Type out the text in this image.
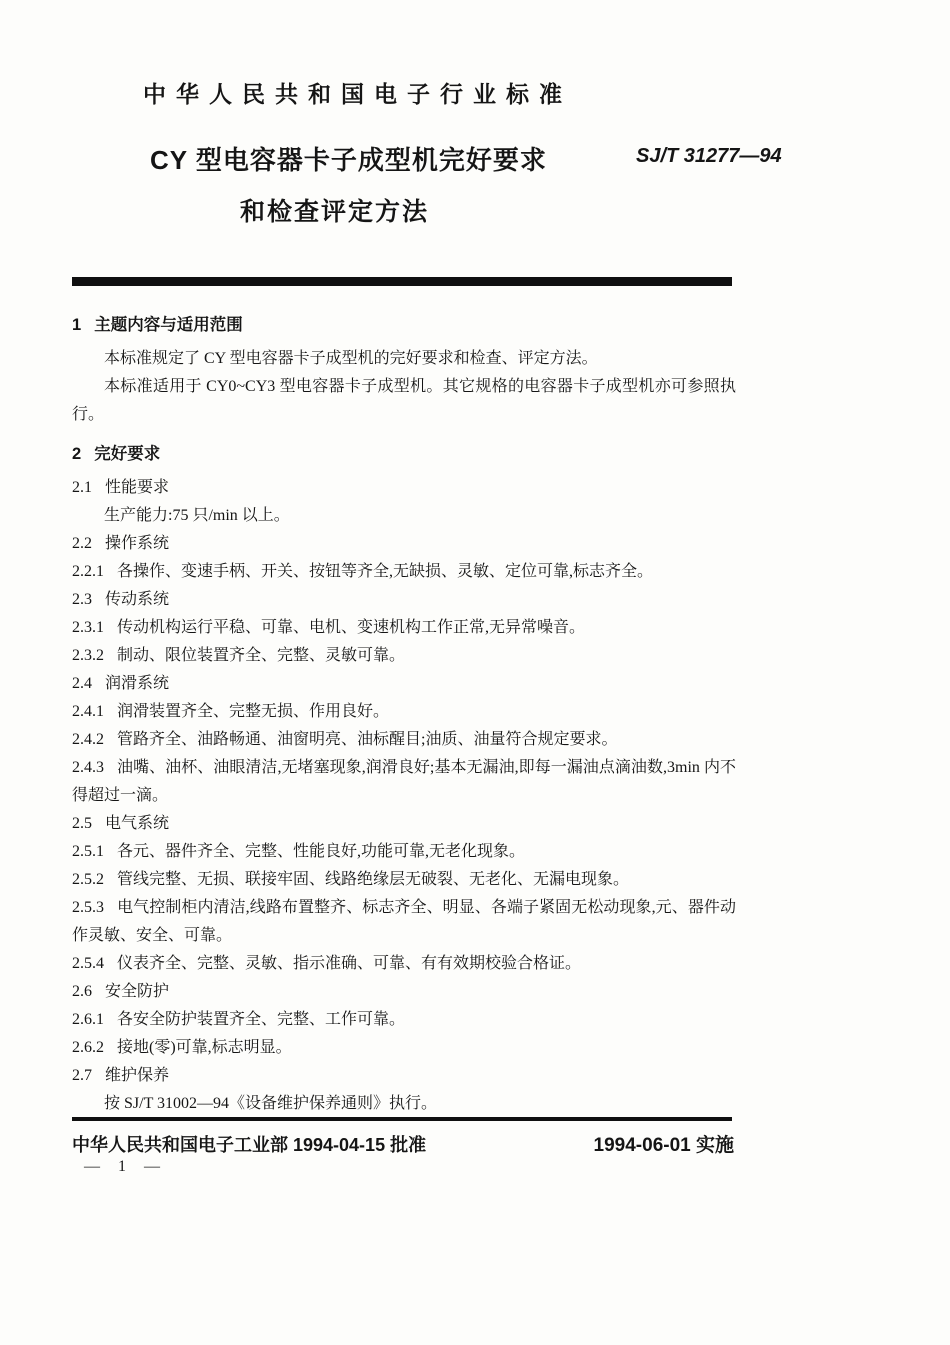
中华人民共和国电子行业标准
CY 型电容器卡子成型机完好要求
和检查评定方法
SJ/T 31277—94
1 主题内容与适用范围
本标准规定了 CY 型电容器卡子成型机的完好要求和检查、评定方法。
本标准适用于 CY0~CY3 型电容器卡子成型机。其它规格的电容器卡子成型机亦可参照执行。
2 完好要求
2.1 性能要求
生产能力:75 只/min 以上。
2.2 操作系统
2.2.1 各操作、变速手柄、开关、按钮等齐全,无缺损、灵敏、定位可靠,标志齐全。
2.3 传动系统
2.3.1 传动机构运行平稳、可靠、电机、变速机构工作正常,无异常噪音。
2.3.2 制动、限位装置齐全、完整、灵敏可靠。
2.4 润滑系统
2.4.1 润滑装置齐全、完整无损、作用良好。
2.4.2 管路齐全、油路畅通、油窗明亮、油标醒目;油质、油量符合规定要求。
2.4.3 油嘴、油杯、油眼清洁,无堵塞现象,润滑良好;基本无漏油,即每一漏油点滴油数,3min 内不得超过一滴。
2.5 电气系统
2.5.1 各元、器件齐全、完整、性能良好,功能可靠,无老化现象。
2.5.2 管线完整、无损、联接牢固、线路绝缘层无破裂、无老化、无漏电现象。
2.5.3 电气控制柜内清洁,线路布置整齐、标志齐全、明显、各端子紧固无松动现象,元、器件动作灵敏、安全、可靠。
2.5.4 仪表齐全、完整、灵敏、指示准确、可靠、有有效期校验合格证。
2.6 安全防护
2.6.1 各安全防护装置齐全、完整、工作可靠。
2.6.2 接地(零)可靠,标志明显。
2.7 维护保养
按 SJ/T 31002—94《设备维护保养通则》执行。
中华人民共和国电子工业部 1994-04-15 批准	1994-06-01 实施
— 1 —
